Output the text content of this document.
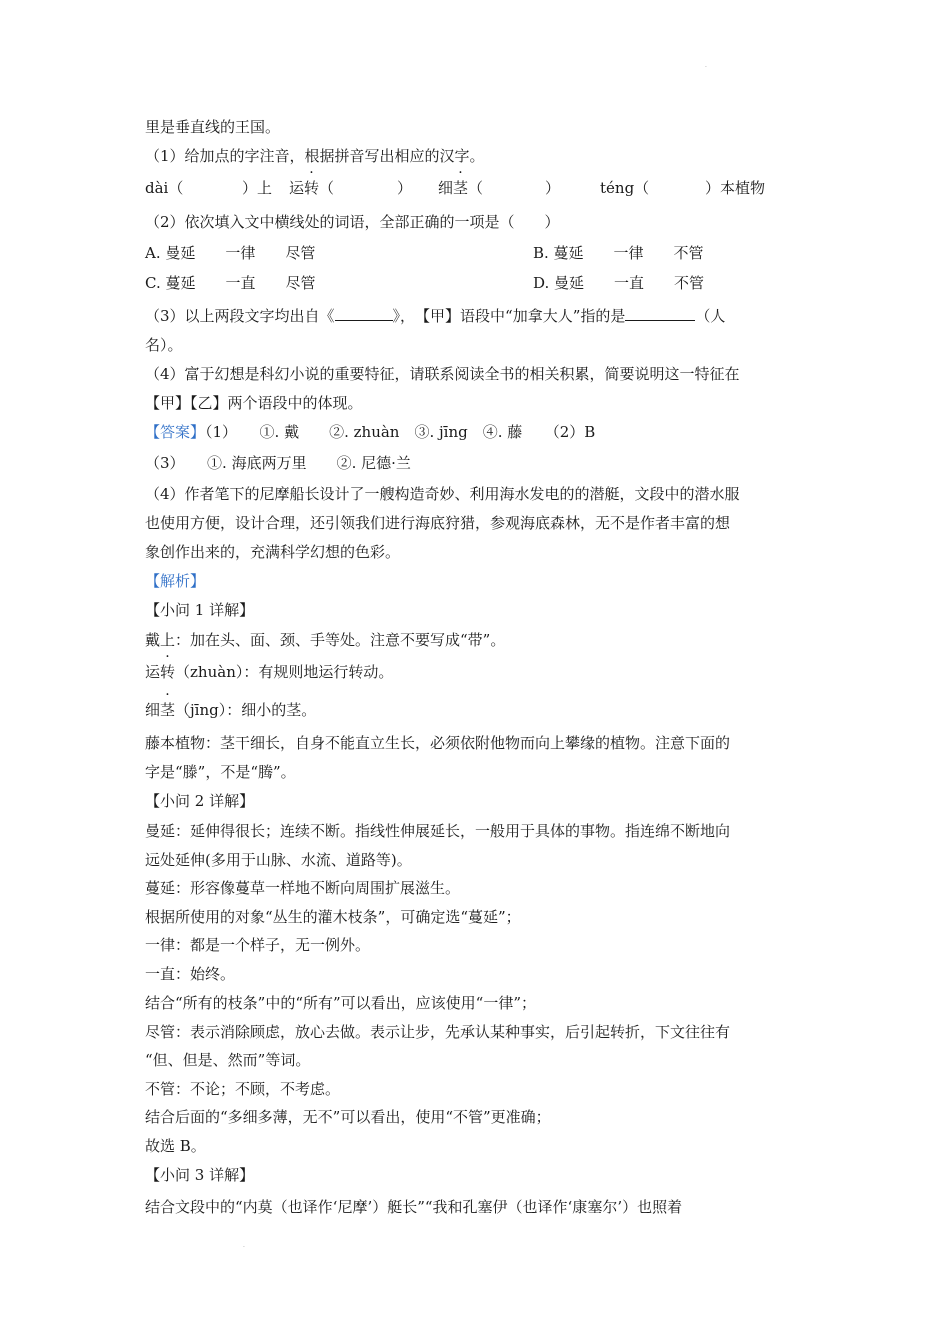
·
里是垂直线的王国。
（1）给加点的字注音，根据拼音写出相应的汉字。
dài（	）上 运转（	） 细茎（	）	téng（	）本植物
（2）依次填入文中横线处的词语，全部正确的一项是（　　）
A. 曼延　　一律　　尽管	B. 蔓延　　一律　　不管
C. 蔓延　　一直　　尽管	D. 曼延　　一直　　不管
（3）以上两段文字均出自《	》，　【甲】语段中“加拿大人”指的是	（人
名）。
（4）富于幻想是科幻小说的重要特征，请联系阅读全书的相关积累，简要说明这一特征在
【甲】【乙】两个语段中的体现。
【答案】（1）　　①. 戴　　②. zhuàn　③. jīng　④. 藤　　（2）B
（3）　　①. 海底两万里　　②. 尼德·兰
（4）作者笔下的尼摩船长设计了一艘构造奇妙、利用海水发电的的潜艇，文段中的潜水服
也使用方便，设计合理，还引领我们进行海底狩猎，参观海底森林，无不是作者丰富的想
象创作出来的，充满科学幻想的色彩。
【解析】
【小问 1 详解】
戴上：加在头、面、颈、手等处。注意不要写成“带”。
运转（zhuàn）：有规则地运行转动。
细茎（jīng）：细小的茎。
藤本植物：茎干细长，自身不能直立生长，必须依附他物而向上攀缘的植物。注意下面的
字是“滕”，不是“腾”。
【小问 2 详解】
曼延：延伸得很长；连续不断。指线性伸展延长，一般用于具体的事物。指连绵不断地向
远处延伸(多用于山脉、水流、道路等)。
蔓延：形容像蔓草一样地不断向周围扩展滋生。
根据所使用的对象“丛生的灌木枝条”，可确定选“蔓延”；
一律：都是一个样子，无一例外。
一直：始终。
结合“所有的枝条”中的“所有”可以看出，应该使用“一律”；
尽管：表示消除顾虑，放心去做。表示让步，先承认某种事实，后引起转折，下文往往有
“但、但是、然而”等词。
不管：不论；不顾，不考虑。
结合后面的“多细多薄，无不”可以看出，使用“不管”更准确；
故选 B。
【小问 3 详解】
结合文段中的“内莫（也译作‘尼摩’）艇长”“我和孔塞伊（也译作‘康塞尔’）也照着
·
